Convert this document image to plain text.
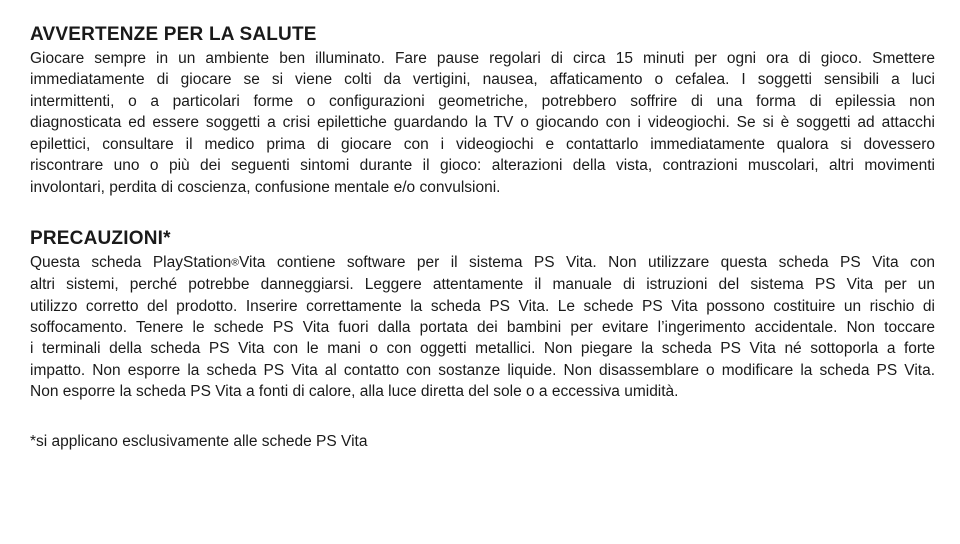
AVVERTENZE PER LA SALUTE
Giocare sempre in un ambiente ben illuminato. Fare pause regolari di circa 15 minuti per ogni ora di gioco. Smettere
immediatamente di giocare se si viene colti da vertigini, nausea, affaticamento o cefalea. I soggetti sensibili a luci
intermittenti, o a particolari forme o configurazioni geometriche, potrebbero soffrire di una forma di epilessia non
diagnosticata ed essere soggetti a crisi epilettiche guardando la TV o giocando con i videogiochi. Se si è soggetti ad attacchi
epilettici, consultare il medico prima di giocare con i videogiochi e contattarlo immediatamente qualora si dovessero
riscontrare uno o più dei seguenti sintomi durante il gioco: alterazioni della vista, contrazioni muscolari, altri movimenti
involontari, perdita di coscienza, confusione mentale e/o convulsioni.
PRECAUZIONI*
Questa scheda PlayStation®Vita contiene software per il sistema PS Vita. Non utilizzare questa scheda PS Vita con
altri sistemi, perché potrebbe danneggiarsi. Leggere attentamente il manuale di istruzioni del sistema PS Vita per un
utilizzo corretto del prodotto. Inserire correttamente la scheda PS Vita. Le schede PS Vita possono costituire un rischio di
soffocamento. Tenere le schede PS Vita fuori dalla portata dei bambini per evitare l’ingerimento accidentale. Non toccare
i terminali della scheda PS Vita con le mani o con oggetti metallici. Non piegare la scheda PS Vita né sottoporla a forte
impatto. Non esporre la scheda PS Vita al contatto con sostanze liquide. Non disassemblare o modificare la scheda PS Vita.
Non esporre la scheda PS Vita a fonti di calore, alla luce diretta del sole o a eccessiva umidità.
*si applicano esclusivamente alle schede PS Vita
